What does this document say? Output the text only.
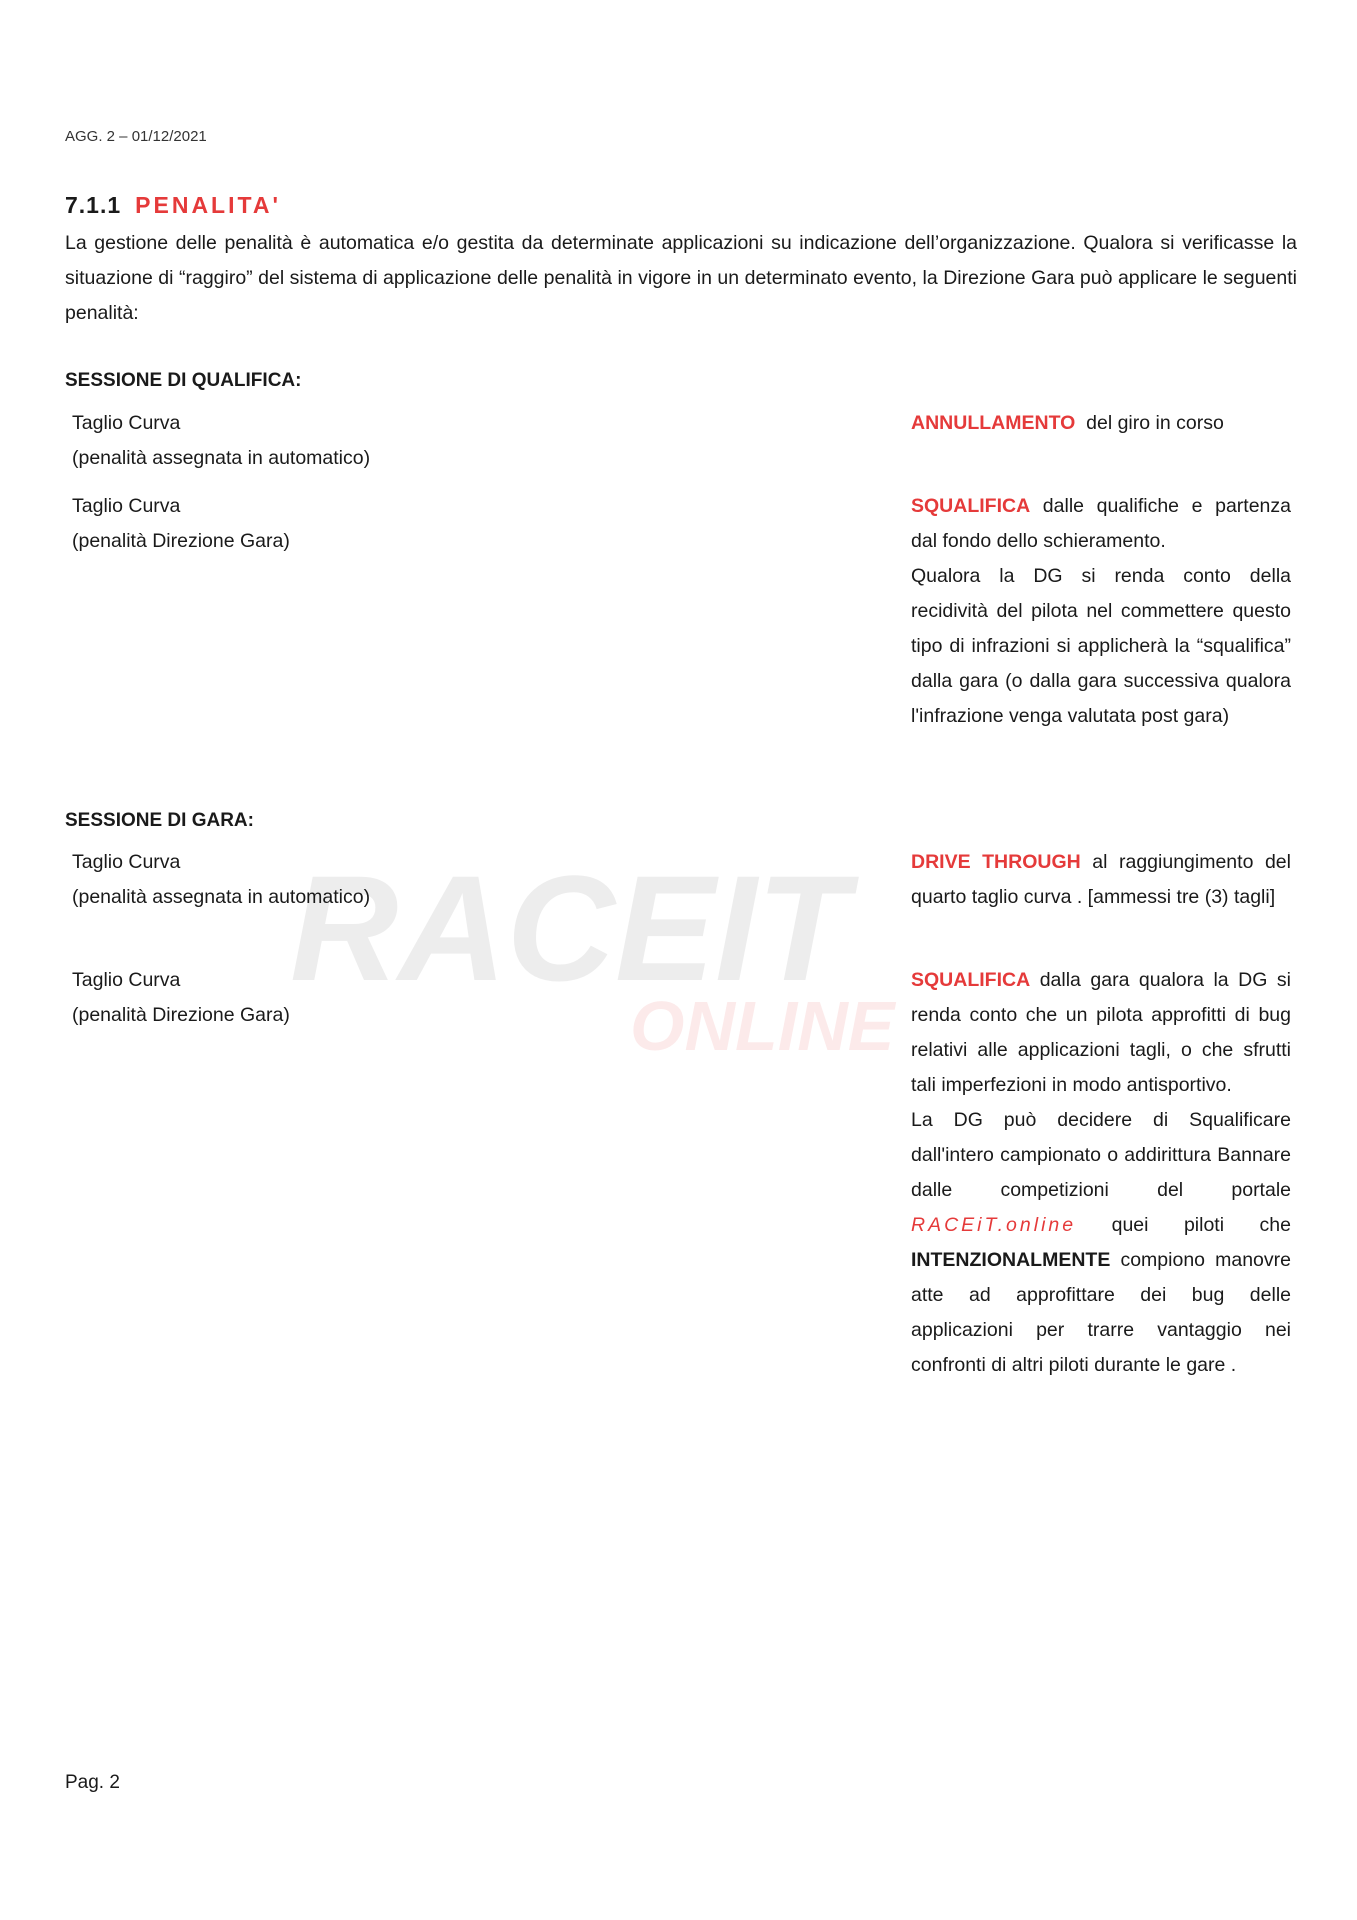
RACEIT
ONLINE
AGG. 2 – 01/12/2021
7.1.1 PENALITA'
La gestione delle penalità è automatica e/o gestita da determinate applicazioni su indicazione dell’organizzazione. Qualora si verificasse la situazione di “raggiro” del sistema di applicazione delle penalità in vigore in un determinato evento, la Direzione Gara può applicare le seguenti penalità:
SESSIONE DI QUALIFICA:
Taglio Curva
(penalità assegnata in automatico)
ANNULLAMENTO del giro in corso
Taglio Curva
(penalità Direzione Gara)
SQUALIFICA dalle qualifiche e partenza dal fondo dello schieramento.
Qualora la DG si renda conto della recidività del pilota nel commettere questo tipo di infrazioni si applicherà la “squalifica” dalla gara (o dalla gara successiva qualora l'infrazione venga valutata post gara)
SESSIONE DI GARA:
Taglio Curva
(penalità assegnata in automatico)
DRIVE THROUGH al raggiungimento del quarto taglio curva . [ammessi tre (3) tagli]
Taglio Curva
(penalità Direzione Gara)
SQUALIFICA dalla gara qualora la DG si renda conto che un pilota approfitti di bug relativi alle applicazioni tagli, o che sfrutti tali imperfezioni in modo antisportivo.
La DG può decidere di Squalificare dall'intero campionato o addirittura Bannare dalle competizioni del portale RACEiT.online quei piloti che INTENZIONALMENTE compiono manovre atte ad approfittare dei bug delle applicazioni per trarre vantaggio nei confronti di altri piloti durante le gare .
Pag. 2
